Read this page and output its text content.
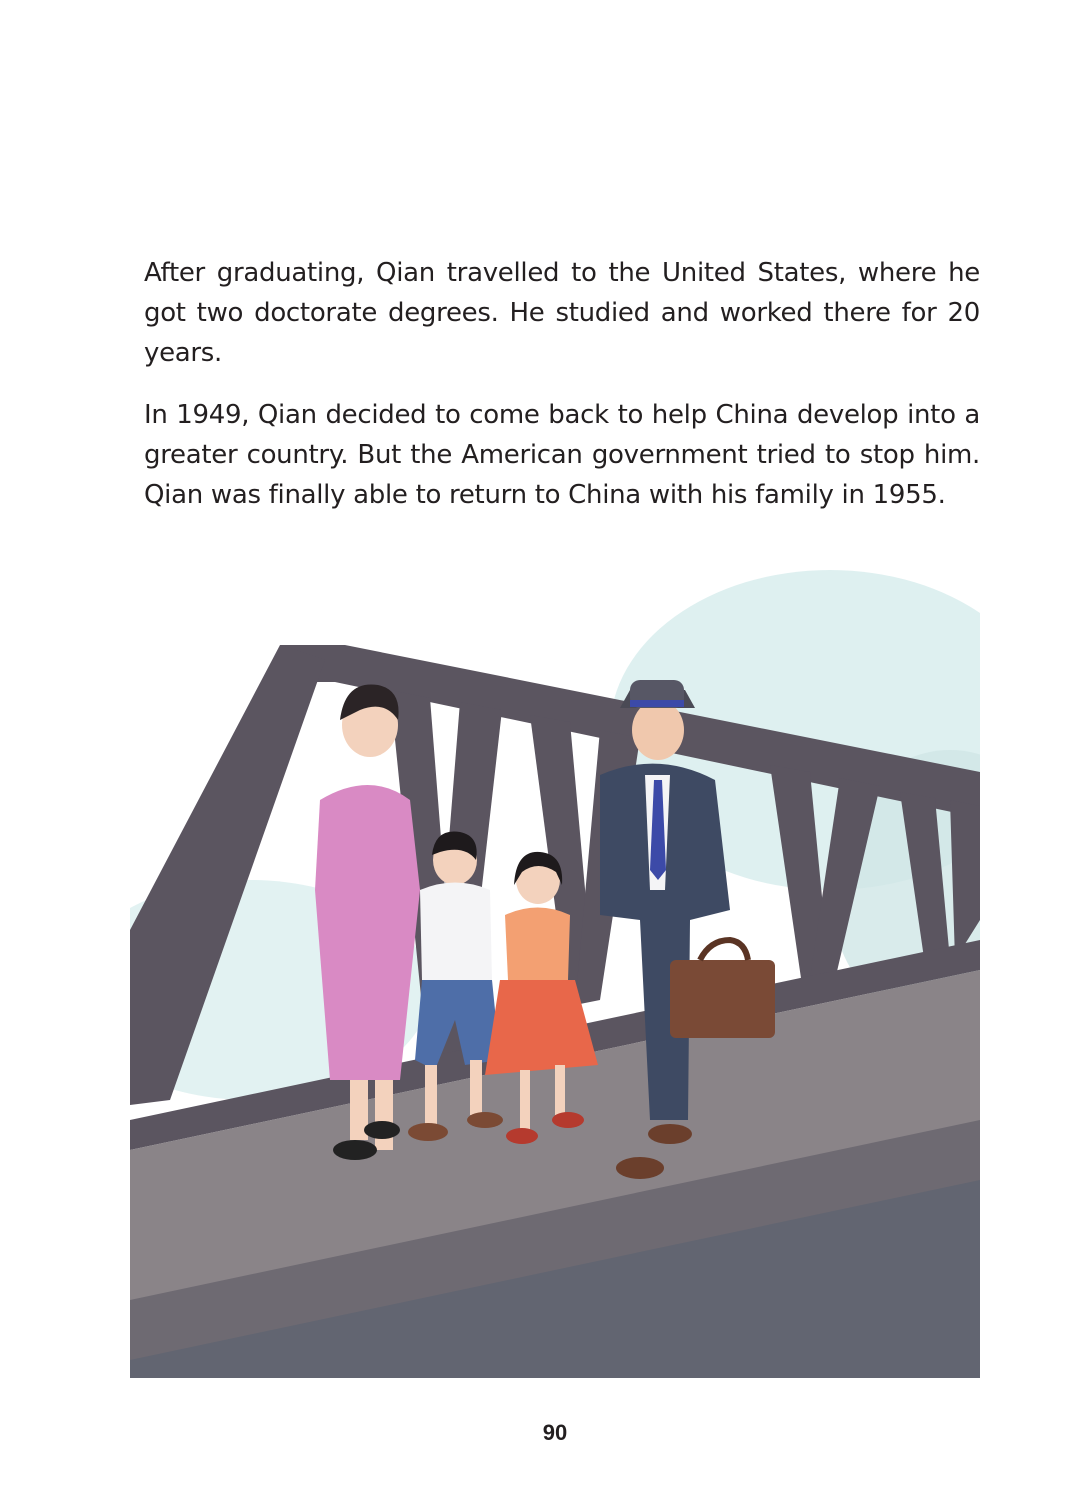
After graduating, Qian travelled to the United States, where he got two doctorate degrees. He studied and worked there for 20 years.

In 1949, Qian decided to come back to help China develop into a greater country. But the American government tried to stop him. Qian was finally able to return to China with his family in 1955.

90
